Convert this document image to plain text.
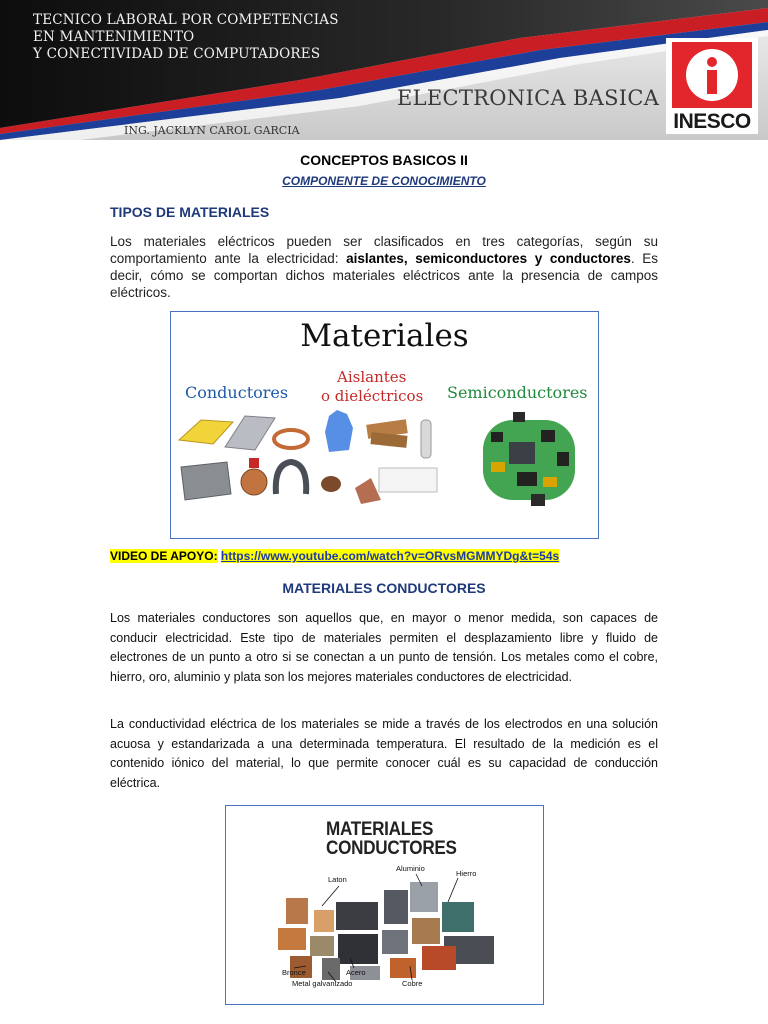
TECNICO LABORAL POR COMPETENCIAS
EN MANTENIMIENTO
Y CONECTIVIDAD DE COMPUTADORES
ELECTRONICA BASICA
ING. JACKLYN CAROL GARCIA	INESCO
CONCEPTOS BASICOS II
COMPONENTE DE CONOCIMIENTO
TIPOS DE MATERIALES
Los materiales eléctricos pueden ser clasificados en tres categorías, según su comportamiento ante la electricidad: aislantes, semiconductores y conductores. Es decir, cómo se comportan dichos materiales eléctricos ante la presencia de campos eléctricos.
Materiales
Conductores
Aislantes
o dieléctricos Semiconductores
VIDEO DE APOYO: https://www.youtube.com/watch?v=ORvsMGMMYDg&t=54s
MATERIALES CONDUCTORES
Los materiales conductores son aquellos que, en mayor o menor medida, son capaces de conducir electricidad. Este tipo de materiales permiten el desplazamiento libre y fluido de electrones de un punto a otro si se conectan a un punto de tensión. Los metales como el cobre, hierro, oro, aluminio y plata son los mejores materiales conductores de electricidad.
La conductividad eléctrica de los materiales se mide a través de los electrodos en una solución acuosa y estandarizada a una determinada temperatura. El resultado de la medición es el contenido iónico del material, lo que permite conocer cuál es su capacidad de conducción eléctrica.
MATERIALES
CONDUCTORES
Laton
Aluminio
Hierro
Bronce	Acero
Metal galvanizado	Cobre
